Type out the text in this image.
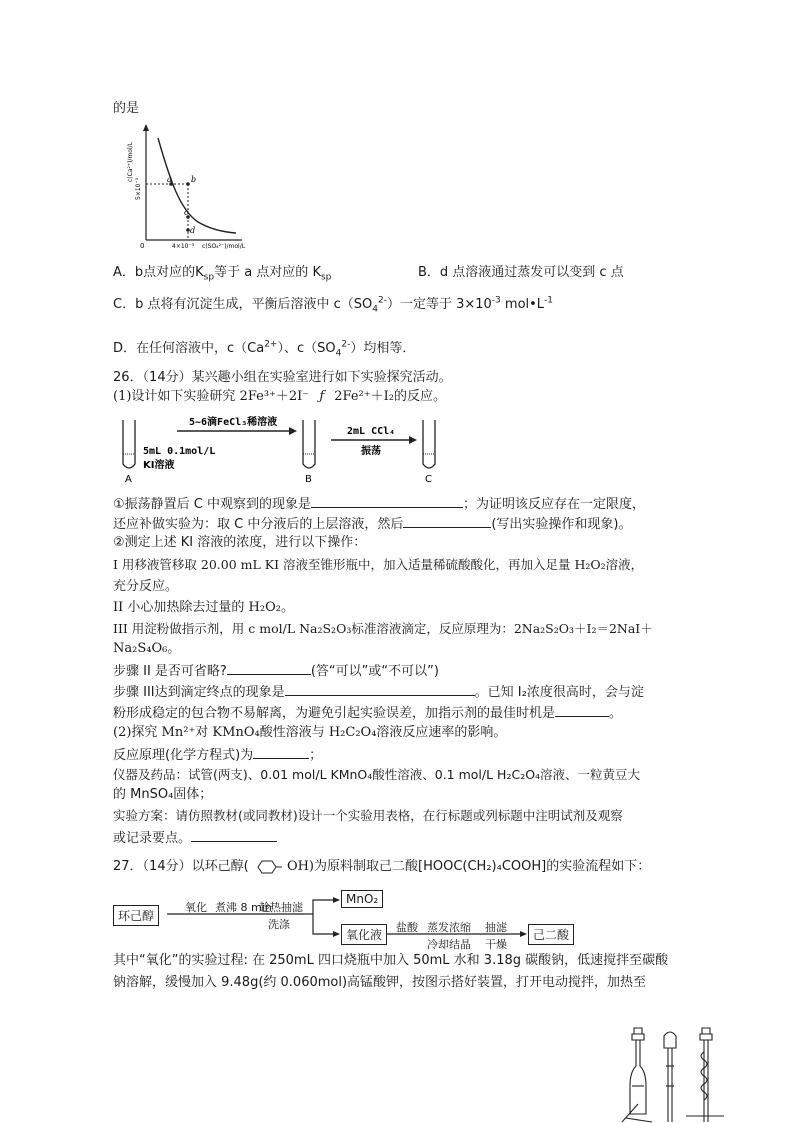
的是
a b
c
d
0	4×10⁻³ c(SO₄²⁻)/mol/L
5×10⁻³
c(Ca²⁺)/mol/L
A．b点对应的$K_{sp}$等于 a 点对应的 $K_{sp}$	B．d 点溶液通过蒸发可以变到 c 点
C．b 点将有沉淀生成，平衡后溶液中 $c(SO_4^{2-})$一定等于 $3\times 10^{-3}$ $mol•L^{-1}$
D．在任何溶液中，$c(Ca^{2+})$、$c(SO_4^{2-})$均相等．
26．（14分）某兴趣小组在实验室进行如下实验探究活动。
(1)设计如下实验研究 2Fe³⁺＋2I⁻ ƒ 2Fe²⁺＋I₂的反应。
5~6滴FeCl₃稀溶液
2mL CCl₄
振荡
5mL 0.1mol/L
KI溶液
A	B	C
①振荡静置后 C 中观察到的现象是	；为证明该反应存在一定限度，
还应补做实验为：取 C 中分液后的上层溶液，然后	(写出实验操作和现象)。
②测定上述 KI 溶液的浓度，进行以下操作：
I 用移液管移取 20.00 mL KI 溶液至锥形瓶中，加入适量稀硫酸酸化，再加入足量 H₂O₂溶液，
充分反应。
II 小心加热除去过量的 H₂O₂。
III 用淀粉做指示剂，用 c mol/L Na₂S₂O₃标准溶液滴定，反应原理为：2Na₂S₂O₃＋I₂＝2NaI＋
Na₂S₄O₆。
步骤 II 是否可省略?	(答“可以”或“不可以”)
步骤 III达到滴定终点的现象是	。已知 I₂浓度很高时，会与淀
粉形成稳定的包合物不易解离，为避免引起实验误差，加指示剂的最佳时机是	。
(2)探究 Mn²⁺对 KMnO₄酸性溶液与 H₂C₂O₄溶液反应速率的影响。
反应原理(化学方程式)为	；
仪器及药品：试管(两支)、0.01 mol/L KMnO₄酸性溶液、0.1 mol/L H₂C₂O₄溶液、一粒黄豆大
的 MnSO₄固体；
实验方案：请仿照教材(或同教材)设计一个实验用表格，在行标题或列标题中注明试剂及观察
或记录要点。
27．（14分）以环己醇(	OH)为原料制取己二酸[HOOC(CH₂)₄COOH]的实验流程如下：
环己醇
氧化 煮沸 8 min
趁热抽滤
洗涤
MnO₂
氧化液
盐酸 蒸发浓缩
冷却结晶
抽滤
干燥
己二酸
其中“氧化”的实验过程: 在 250mL 四口烧瓶中加入 50mL 水和 3.18g 碳酸钠，低速搅拌至碳酸
钠溶解，缓慢加入 9.48g(约 0.060mol)高锰酸钾，按图示搭好装置，打开电动搅拌，加热至
